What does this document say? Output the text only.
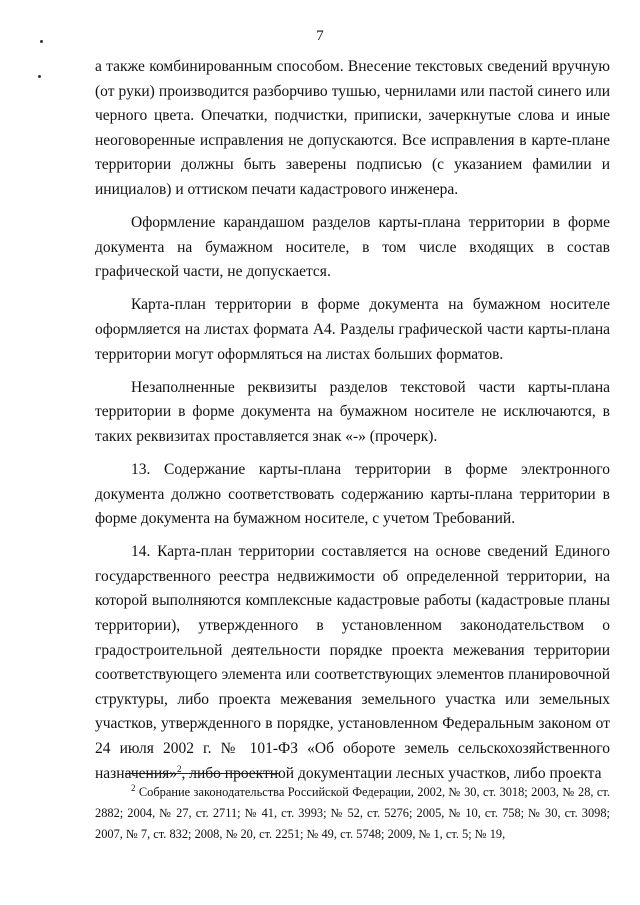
7

а также комбинированным способом. Внесение текстовых сведений вручную (от руки) производится разборчиво тушью, чернилами или пастой синего или черного цвета. Опечатки, подчистки, приписки, зачеркнутые слова и иные неоговоренные исправления не допускаются. Все исправления в карте-плане территории должны быть заверены подписью (с указанием фамилии и инициалов) и оттиском печати кадастрового инженера.

Оформление карандашом разделов карты-плана территории в форме документа на бумажном носителе, в том числе входящих в состав графической части, не допускается.

Карта-план территории в форме документа на бумажном носителе оформляется на листах формата А4. Разделы графической части карты-плана территории могут оформляться на листах больших форматов.

Незаполненные реквизиты разделов текстовой части карты-плана территории в форме документа на бумажном носителе не исключаются, в таких реквизитах проставляется знак «-» (прочерк).

13. Содержание карты-плана территории в форме электронного документа должно соответствовать содержанию карты-плана территории в форме документа на бумажном носителе, с учетом Требований.

14. Карта-план территории составляется на основе сведений Единого государственного реестра недвижимости об определенной территории, на которой выполняются комплексные кадастровые работы (кадастровые планы территории), утвержденного в установленном законодательством о градостроительной деятельности порядке проекта межевания территории соответствующего элемента или соответствующих элементов планировочной структуры, либо проекта межевания земельного участка или земельных участков, утвержденного в порядке, установленном Федеральным законом от 24 июля 2002 г. № 101-ФЗ «Об обороте земель сельскохозяйственного назначения»$^2$, либо проектной документации лесных участков, либо проекта

$^2$ Собрание законодательства Российской Федерации, 2002, № 30, ст. 3018; 2003, № 28, ст. 2882; 2004, № 27, ст. 2711; № 41, ст. 3993; № 52, ст. 5276; 2005, № 10, ст. 758; № 30, ст. 3098; 2007, № 7, ст. 832; 2008, № 20, ст. 2251; № 49, ст. 5748; 2009, № 1, ст. 5; № 19,
